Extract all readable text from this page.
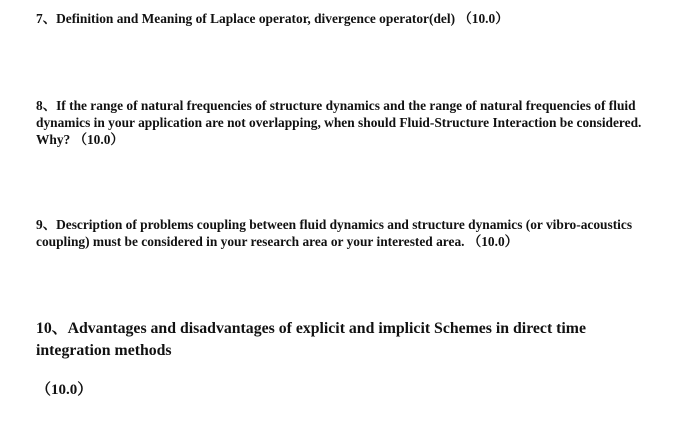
7、Definition and Meaning of Laplace operator, divergence operator(del) （10.0）

8、If the range of natural frequencies of structure dynamics and the range of natural frequencies of fluid dynamics in your application are not overlapping, when should Fluid-Structure Interaction be considered. Why? （10.0）

9、Description of problems coupling between fluid dynamics and structure dynamics (or vibro-acoustics coupling) must be considered in your research area or your interested area. （10.0）

10、Advantages and disadvantages of explicit and implicit Schemes in direct time integration methods

（10.0）
